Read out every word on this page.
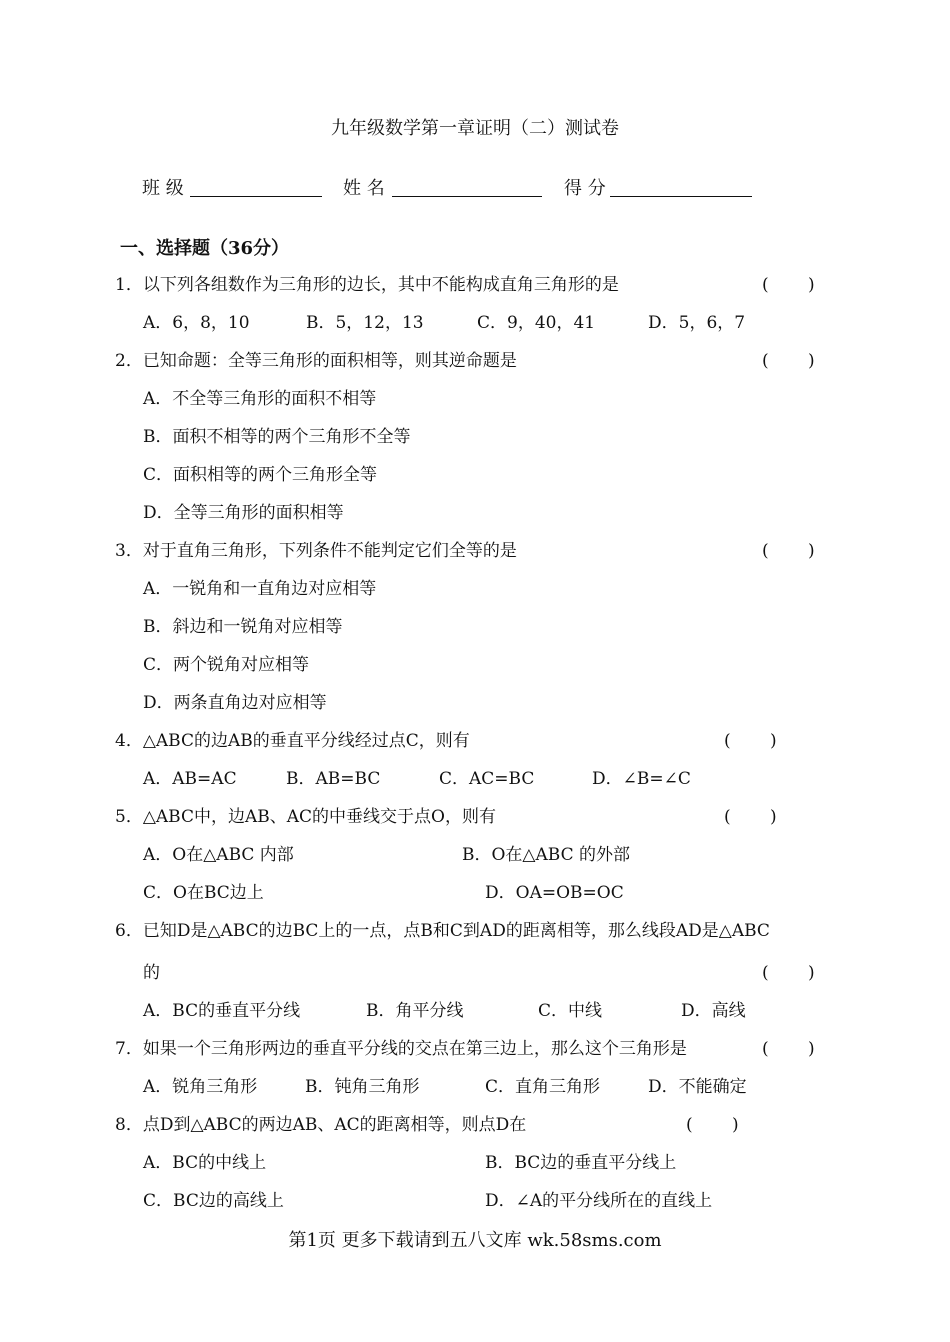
九年级数学第一章证明（二）测试卷
班 级	姓 名	得 分
一、选择题（36分）
1．以下列各组数作为三角形的边长，其中不能构成直角三角形的是	(　　 )
A．6，8，10	B．5，12，13	C．9，40，41	D．5，6，7
2．已知命题：全等三角形的面积相等，则其逆命题是	(　　 )
A．不全等三角形的面积不相等
B．面积不相等的两个三角形不全等
C．面积相等的两个三角形全等
D．全等三角形的面积相等
3．对于直角三角形，下列条件不能判定它们全等的是	(　　 )
A．一锐角和一直角边对应相等
B．斜边和一锐角对应相等
C．两个锐角对应相等
D．两条直角边对应相等
4．△ABC的边AB的垂直平分线经过点C，则有	(　　 )
A．AB=AC	B．AB=BC	C．AC=BC	D．∠B=∠C
5．△ABC中，边AB、AC的中垂线交于点O，则有	(　　 )
A．O在△ABC 内部	B．O在△ABC 的外部
C．O在BC边上	D．OA=OB=OC
6．已知D是△ABC的边BC上的一点，点B和C到AD的距离相等，那么线段AD是△ABC
的	(　　 )
A．BC的垂直平分线	B．角平分线	C．中线	D．高线
7．如果一个三角形两边的垂直平分线的交点在第三边上，那么这个三角形是	(　　 )
A．锐角三角形	B．钝角三角形	C．直角三角形	D．不能确定
8．点D到△ABC的两边AB、AC的距离相等，则点D在	(　　 )
A．BC的中线上	B．BC边的垂直平分线上
C．BC边的高线上	D．∠A的平分线所在的直线上
第1页 更多下载请到五八文库 wk.58sms.com
